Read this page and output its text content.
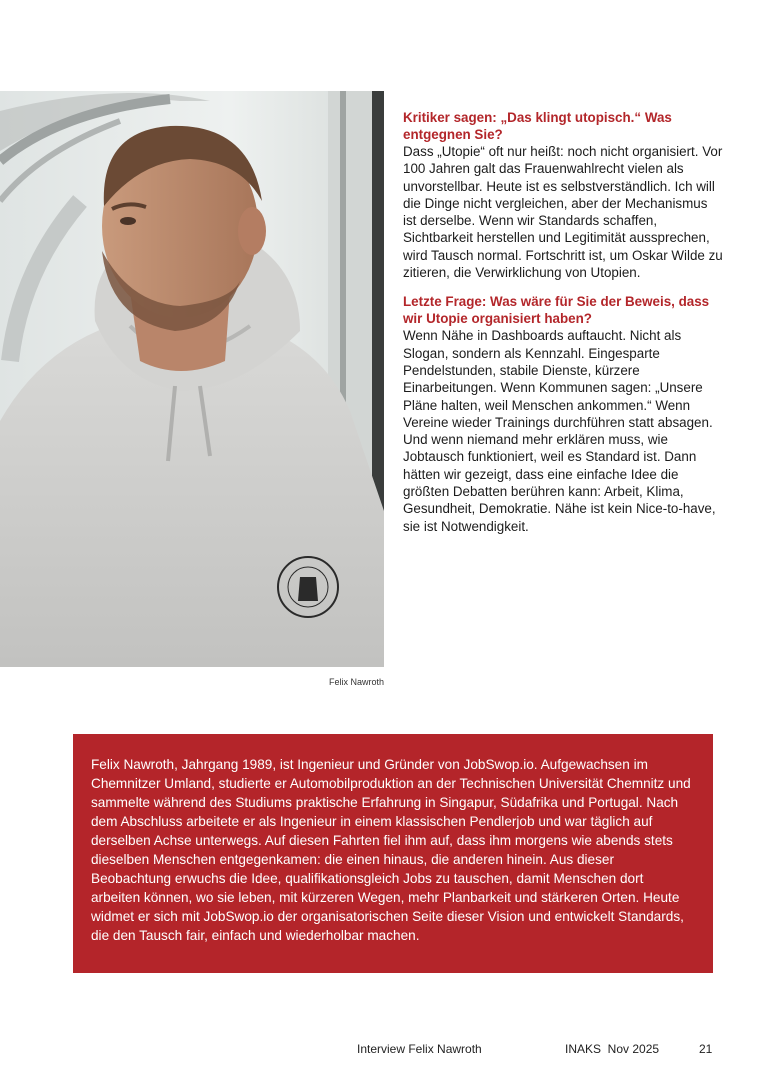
Felix Nawroth
Kritiker sagen: „Das klingt utopisch.“ Was entgegnen Sie?
Dass „Utopie“ oft nur heißt: noch nicht organisiert. Vor 100 Jahren galt das Frauenwahlrecht vielen als unvorstellbar. Heute ist es selbstverständlich. Ich will die Dinge nicht vergleichen, aber der Mechanismus ist derselbe. Wenn wir Standards schaffen, Sichtbarkeit herstellen und Legitimität aussprechen, wird Tausch normal. Fortschritt ist, um Oskar Wilde zu zitieren, die Verwirklichung von Utopien.
Letzte Frage: Was wäre für Sie der Beweis, dass wir Utopie organisiert haben?
Wenn Nähe in Dashboards auftaucht. Nicht als Slogan, sondern als Kennzahl. Eingesparte Pendelstunden, stabile Dienste, kürzere Einarbeitungen. Wenn Kommunen sagen: „Unsere Pläne halten, weil Menschen ankommen.“ Wenn Vereine wieder Trainings durchführen statt absagen. Und wenn niemand mehr erklären muss, wie Jobtausch funktioniert, weil es Standard ist. Dann hätten wir gezeigt, dass eine einfache Idee die größten Debatten berühren kann: Arbeit, Klima, Gesundheit, Demokratie. Nähe ist kein Nice-to-have, sie ist Notwendigkeit.

Felix Nawroth, Jahrgang 1989, ist Ingenieur und Gründer von JobSwop.io. Aufgewachsen im Chemnitzer Umland, studierte er Automobilproduktion an der Technischen Universität Chemnitz und sammelte während des Studiums praktische Erfahrung in Singapur, Südafrika und Portugal. Nach dem Abschluss arbeitete er als Ingenieur in einem klassischen Pendlerjob und war täglich auf derselben Achse unterwegs. Auf diesen Fahrten fiel ihm auf, dass ihm morgens wie abends stets dieselben Menschen entgegenkamen: die einen hinaus, die anderen hinein. Aus dieser Beobachtung erwuchs die Idee, qualifikationsgleich Jobs zu tauschen, damit Menschen dort arbeiten können, wo sie leben, mit kürzeren Wegen, mehr Planbarkeit und stärkeren Orten. Heute widmet er sich mit JobSwop.io der organisatorischen Seite dieser Vision und entwickelt Standards, die den Tausch fair, einfach und wiederholbar machen.

Interview Felix Nawroth	INAKS  Nov 2025	21
